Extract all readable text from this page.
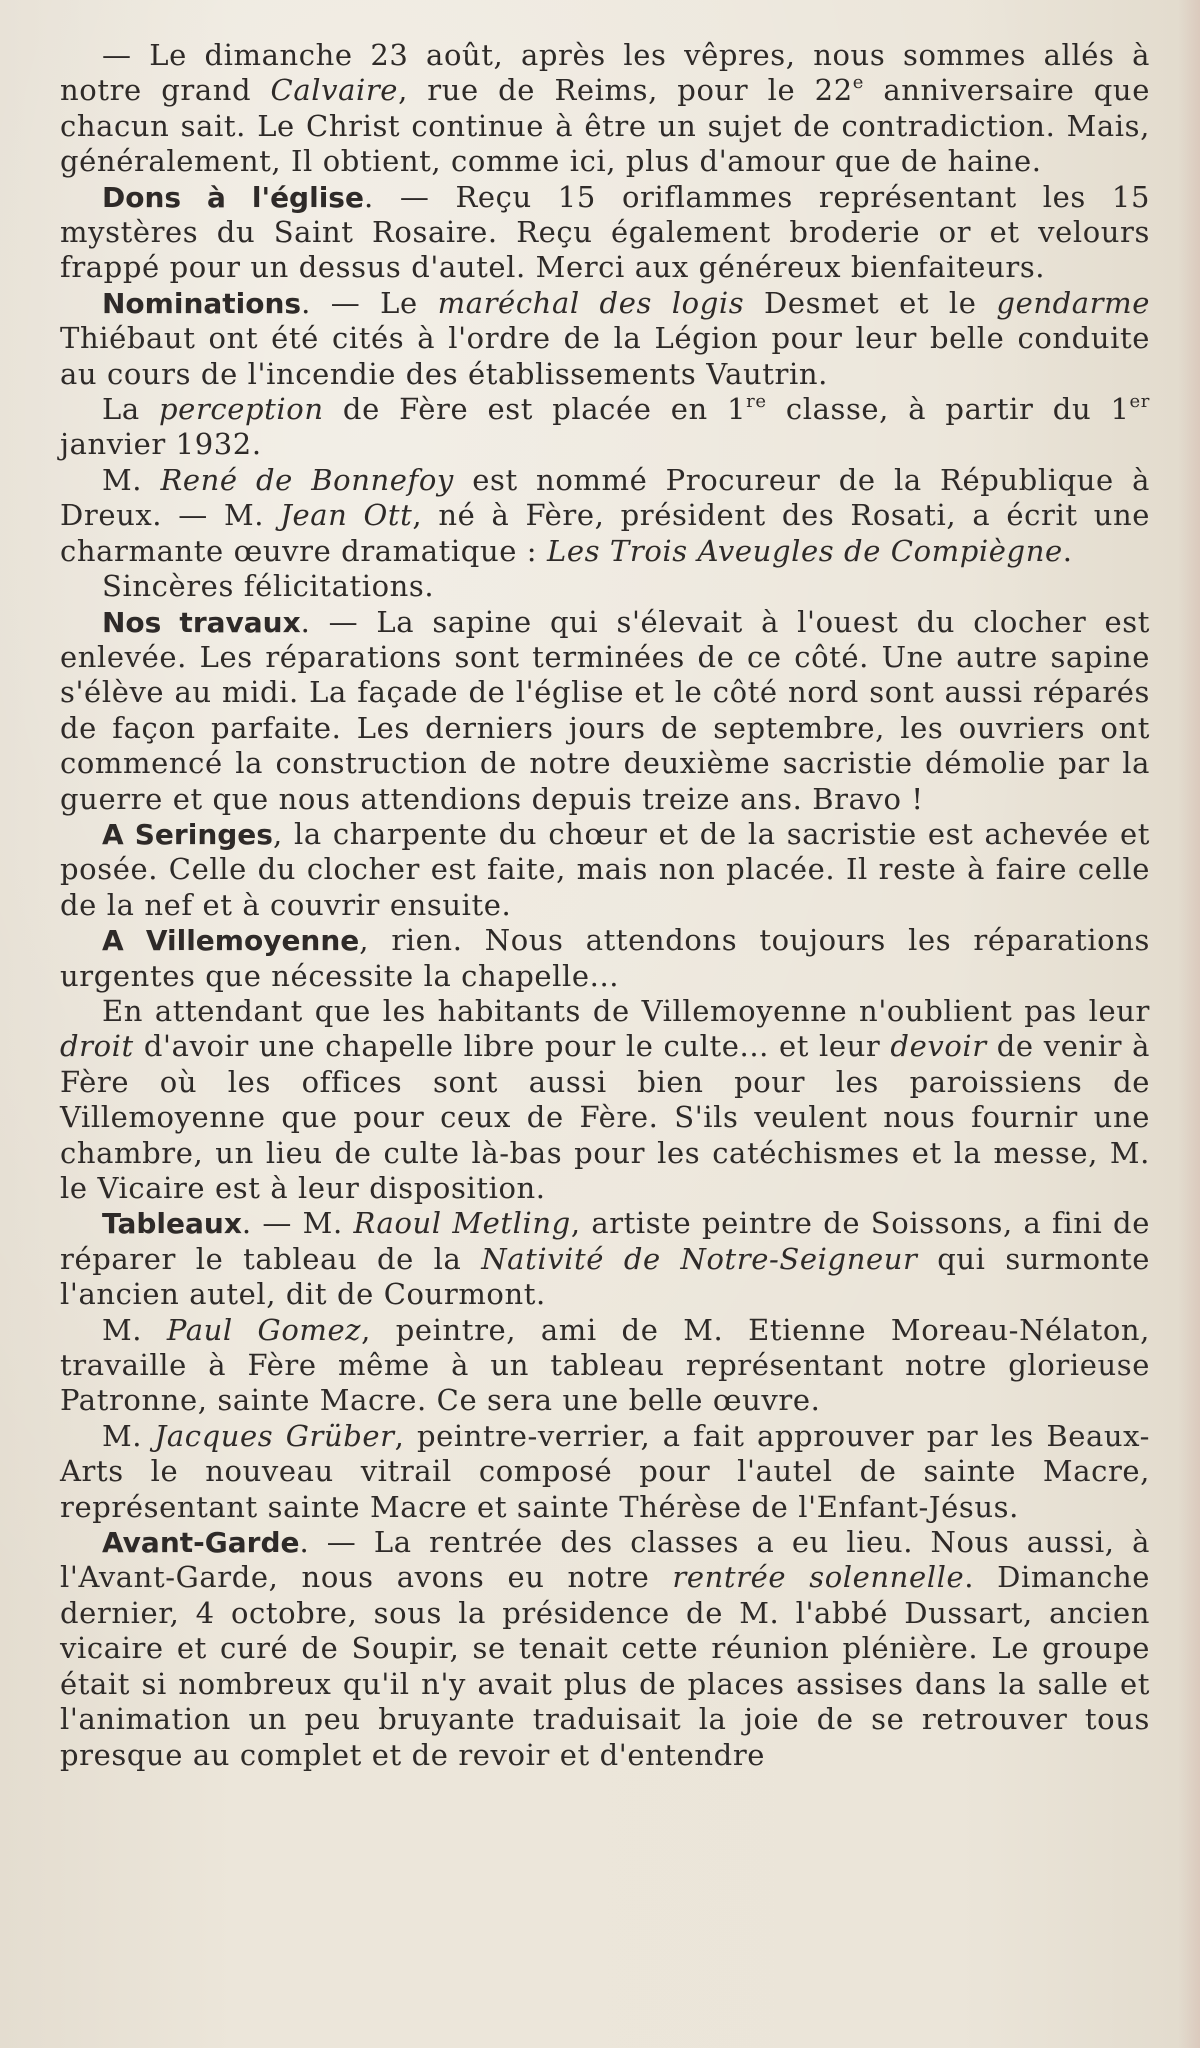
— Le dimanche 23 août, après les vêpres, nous sommes allés à notre grand Calvaire, rue de Reims, pour le 22e anniversaire que chacun sait. Le Christ continue à être un sujet de contradiction. Mais, généralement, Il obtient, comme ici, plus d'amour que de haine.

Dons à l'église. — Reçu 15 oriflammes représentant les 15 mystères du Saint Rosaire. Reçu également broderie or et velours frappé pour un dessus d'autel. Merci aux généreux bienfaiteurs.

Nominations. — Le maréchal des logis Desmet et le gendarme Thiébaut ont été cités à l'ordre de la Légion pour leur belle conduite au cours de l'incendie des établissements Vautrin.

La perception de Fère est placée en 1re classe, à partir du 1er janvier 1932.

M. René de Bonnefoy est nommé Procureur de la République à Dreux. — M. Jean Ott, né à Fère, président des Rosati, a écrit une charmante œuvre dramatique : Les Trois Aveugles de Compiègne.

Sincères félicitations.

Nos travaux. — La sapine qui s'élevait à l'ouest du clocher est enlevée. Les réparations sont terminées de ce côté. Une autre sapine s'élève au midi. La façade de l'église et le côté nord sont aussi réparés de façon parfaite. Les derniers jours de septembre, les ouvriers ont commencé la construction de notre deuxième sacristie démolie par la guerre et que nous attendions depuis treize ans. Bravo !

A Seringes, la charpente du chœur et de la sacristie est achevée et posée. Celle du clocher est faite, mais non placée. Il reste à faire celle de la nef et à couvrir ensuite.

A Villemoyenne, rien. Nous attendons toujours les réparations urgentes que nécessite la chapelle...

En attendant que les habitants de Villemoyenne n'oublient pas leur droit d'avoir une chapelle libre pour le culte... et leur devoir de venir à Fère où les offices sont aussi bien pour les paroissiens de Villemoyenne que pour ceux de Fère. S'ils veulent nous fournir une chambre, un lieu de culte là-bas pour les catéchismes et la messe, M. le Vicaire est à leur disposition.

Tableaux. — M. Raoul Metling, artiste peintre de Soissons, a fini de réparer le tableau de la Nativité de Notre-Seigneur qui surmonte l'ancien autel, dit de Courmont.

M. Paul Gomez, peintre, ami de M. Etienne Moreau-Nélaton, travaille à Fère même à un tableau représentant notre glorieuse Patronne, sainte Macre. Ce sera une belle œuvre.

M. Jacques Grüber, peintre-verrier, a fait approuver par les Beaux-Arts le nouveau vitrail composé pour l'autel de sainte Macre, représentant sainte Macre et sainte Thérèse de l'Enfant-Jésus.

Avant-Garde. — La rentrée des classes a eu lieu. Nous aussi, à l'Avant-Garde, nous avons eu notre rentrée solennelle. Dimanche dernier, 4 octobre, sous la présidence de M. l'abbé Dussart, ancien vicaire et curé de Soupir, se tenait cette réunion plénière. Le groupe était si nombreux qu'il n'y avait plus de places assises dans la salle et l'animation un peu bruyante traduisait la joie de se retrouver tous presque au complet et de revoir et d'entendre
